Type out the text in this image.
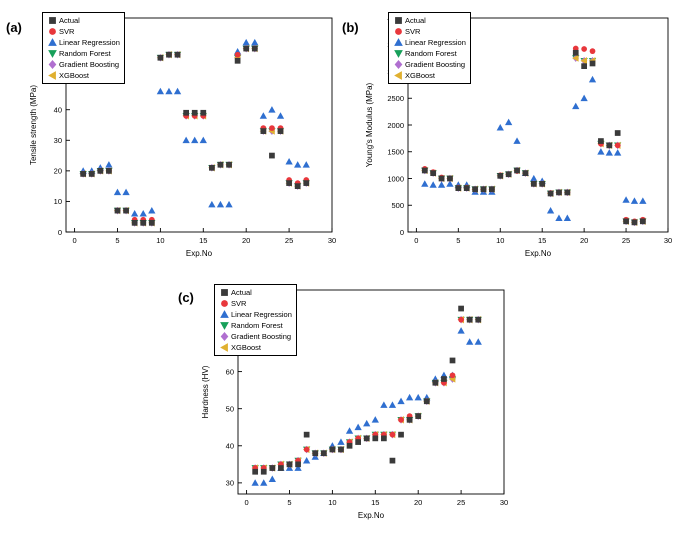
(a)
0	5	10	15	20	25	30
0
10
20
30
40
Exp.No
Tensile strength (MPa)
Actual
SVR
Linear Regression
Random Forest
Gradient Boosting
XGBoost
(b)
0	5	10	15	20	25	30
0
500
1000
1500
2000
2500
Exp.No
Young's Modulus (MPa)
Actual
SVR
Linear Regression
Random Forest
Gradient Boosting
XGBoost
(c)
0	5	10	15	20	25	30
30
40
50
60
Exp.No
Hardness (HV)
Actual
SVR
Linear Regression
Random Forest
Gradient Boosting
XGBoost
